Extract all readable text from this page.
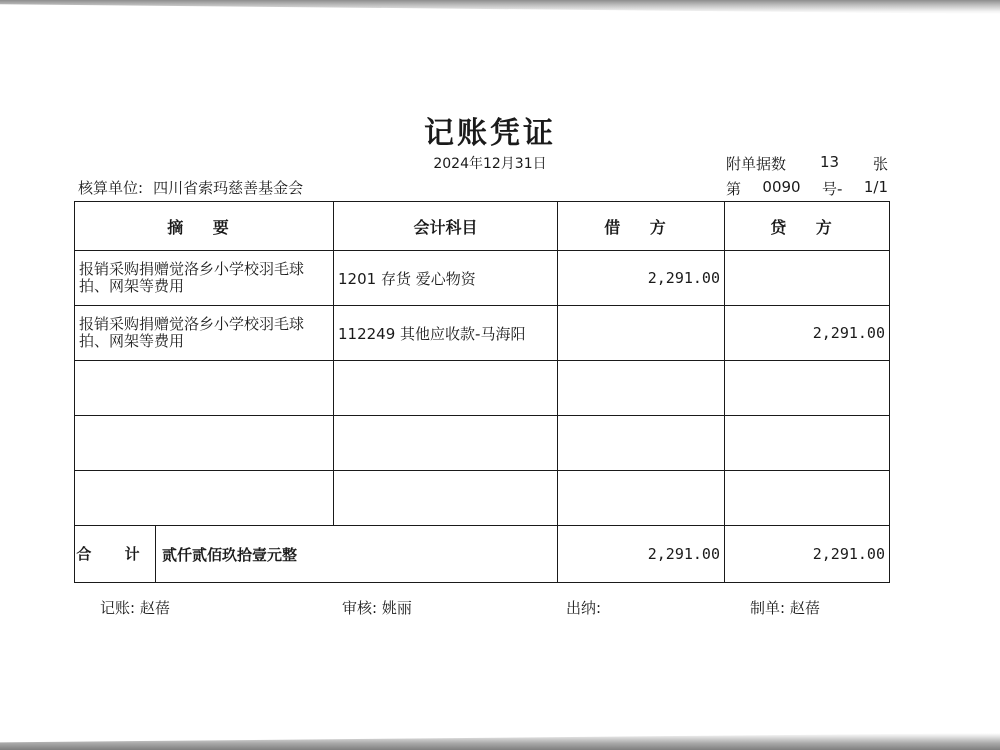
记账凭证
2024年12月31日	附单据数 13 张
核算单位: 四川省索玛慈善基金会	第 0090 号- 1/1
摘 要	会计科目	借 方	贷 方
报销采购捐赠觉洛乡小学校羽毛球拍、网架等费用	1201 存货 爱心物资	2,291.00	
报销采购捐赠觉洛乡小学校羽毛球拍、网架等费用	112249 其他应收款-马海阳		2,291.00

合 计 贰仟贰佰玖拾壹元整		2,291.00	2,291.00
记账: 赵蓓	审核: 姚丽	出纳:	制单: 赵蓓
